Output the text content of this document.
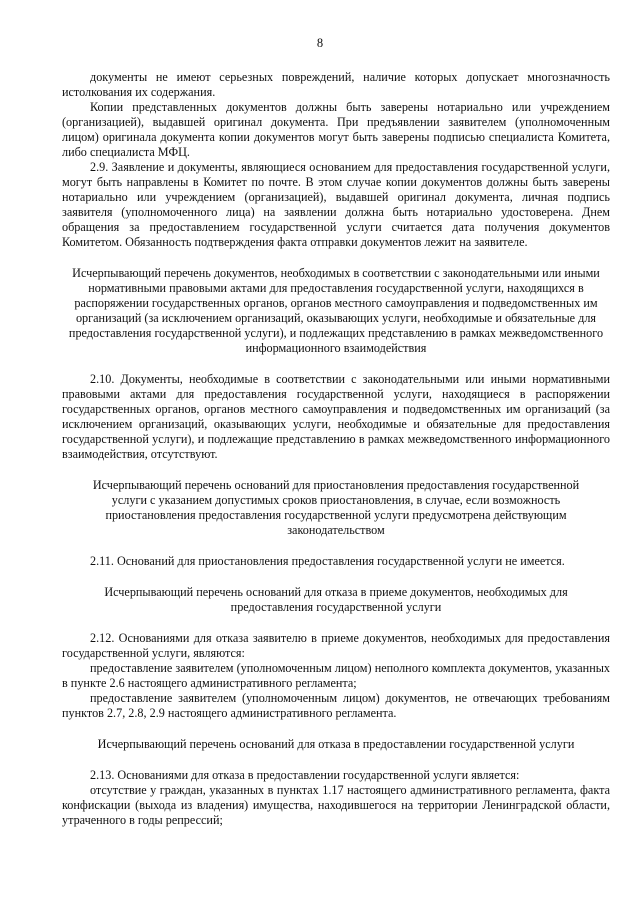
8

документы не имеют серьезных повреждений, наличие которых допускает многозначность истолкования их содержания.

Копии представленных документов должны быть заверены нотариально или учреждением (организацией), выдавшей оригинал документа. При предъявлении заявителем (уполномоченным лицом) оригинала документа копии документов могут быть заверены подписью специалиста Комитета, либо специалиста МФЦ.

2.9. Заявление и документы, являющиеся основанием для предоставления государственной услуги, могут быть направлены в Комитет по почте. В этом случае копии документов должны быть заверены нотариально или учреждением (организацией), выдавшей оригинал документа, личная подпись заявителя (уполномоченного лица) на заявлении должна быть нотариально удостоверена. Днем обращения за предоставлением государственной услуги считается дата получения документов Комитетом. Обязанность подтверждения факта отправки документов лежит на заявителе.

Исчерпывающий перечень документов, необходимых в соответствии с законодательными или иными нормативными правовыми актами для предоставления государственной услуги, находящихся в распоряжении государственных органов, органов местного самоуправления и подведомственных им организаций (за исключением организаций, оказывающих услуги, необходимые и обязательные для предоставления государственной услуги), и подлежащих представлению в рамках межведомственного информационного взаимодействия

2.10. Документы, необходимые в соответствии с законодательными или иными нормативными правовыми актами для предоставления государственной услуги, находящиеся в распоряжении государственных органов, органов местного самоуправления и подведомственных им организаций (за исключением организаций, оказывающих услуги, необходимые и обязательные для предоставления государственной услуги), и подлежащие представлению в рамках межведомственного информационного взаимодействия, отсутствуют.

Исчерпывающий перечень оснований для приостановления предоставления государственной услуги с указанием допустимых сроков приостановления, в случае, если возможность приостановления предоставления государственной услуги предусмотрена действующим законодательством

2.11. Оснований для приостановления предоставления государственной услуги не имеется.

Исчерпывающий перечень оснований для отказа в приеме документов, необходимых для предоставления государственной услуги

2.12. Основаниями для отказа заявителю в приеме документов, необходимых для предоставления государственной услуги, являются:

предоставление заявителем (уполномоченным лицом) неполного комплекта документов, указанных в пункте 2.6 настоящего административного регламента;

предоставление заявителем (уполномоченным лицом) документов, не отвечающих требованиям пунктов 2.7, 2.8, 2.9 настоящего административного регламента.

Исчерпывающий перечень оснований для отказа в предоставлении государственной услуги

2.13. Основаниями для отказа в предоставлении государственной услуги является:

отсутствие у граждан, указанных в пунктах 1.17 настоящего административного регламента, факта конфискации (выхода из владения) имущества, находившегося на территории Ленинградской области, утраченного в годы репрессий;
